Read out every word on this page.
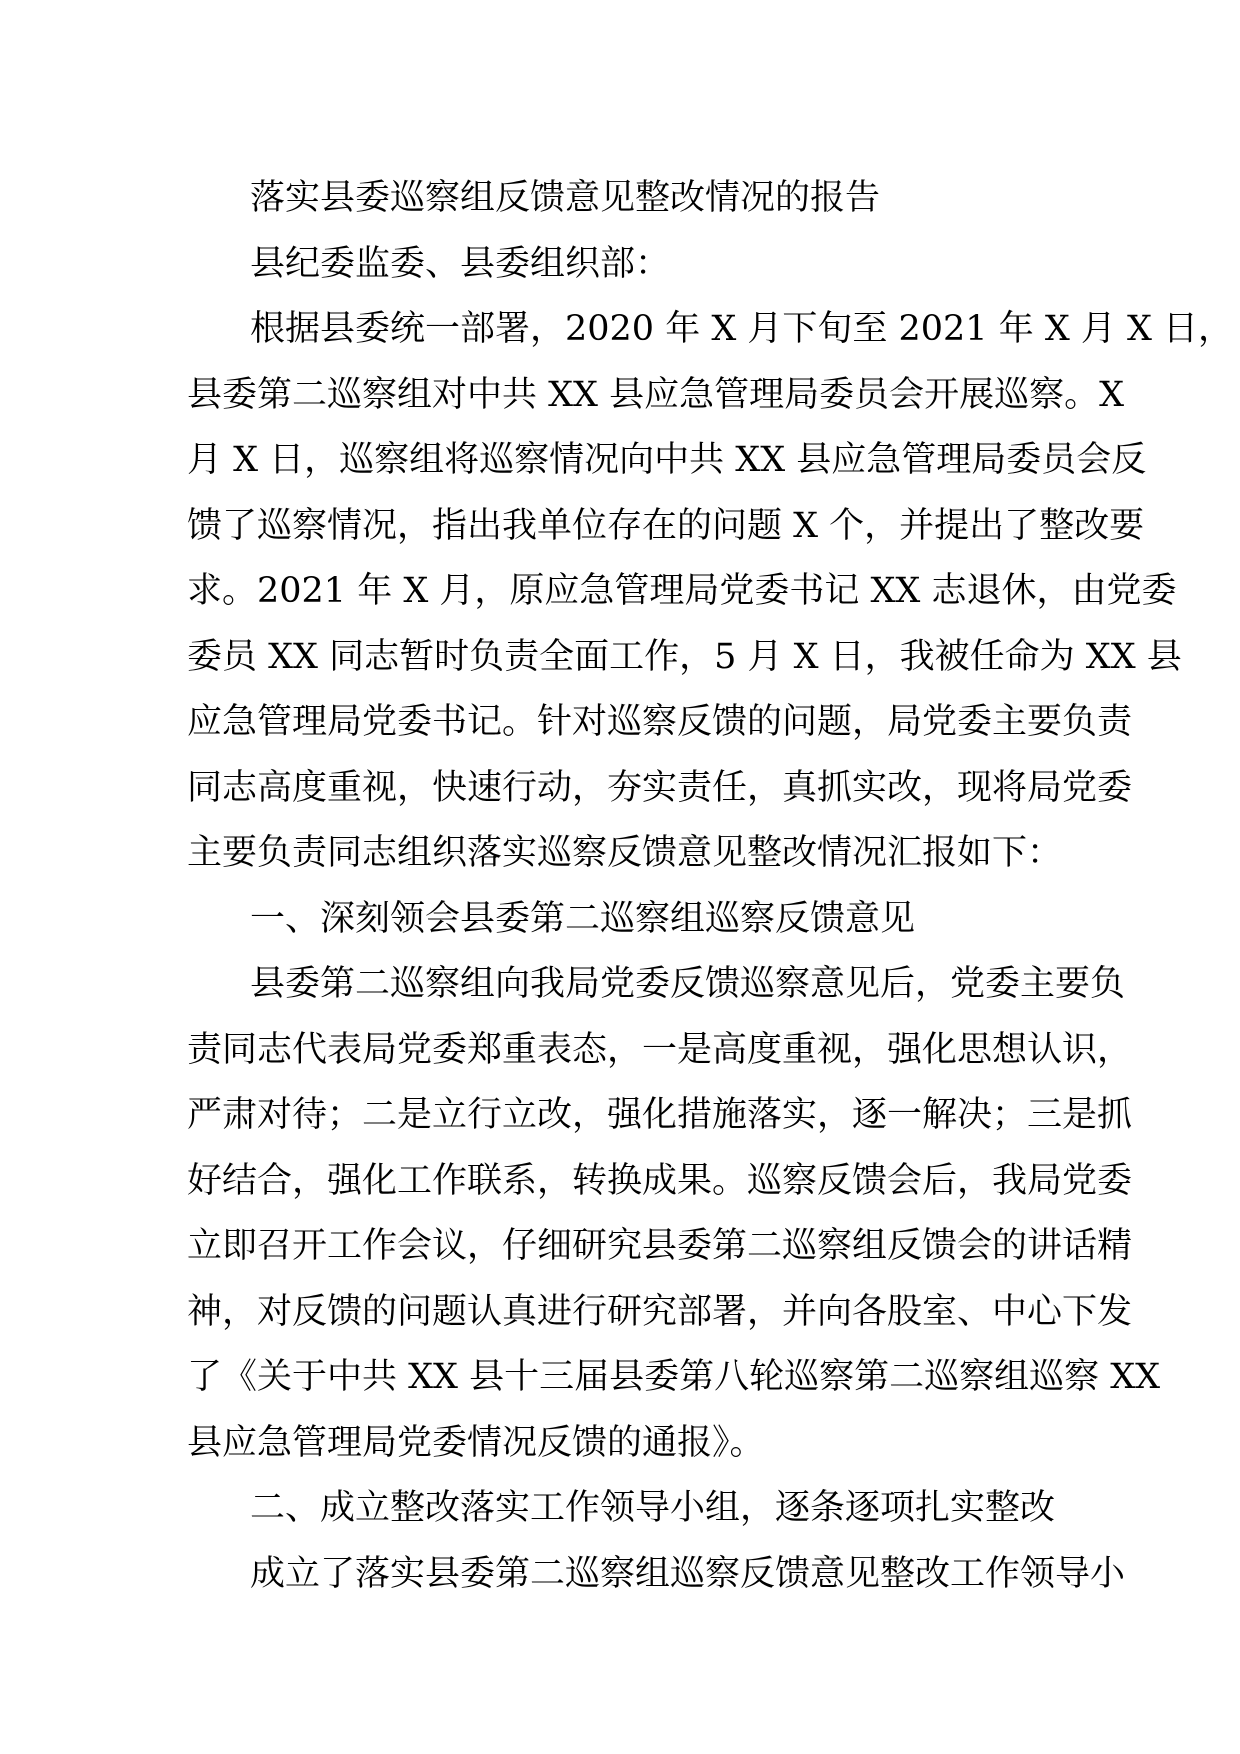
落实县委巡察组反馈意见整改情况的报告
县纪委监委、县委组织部：
根据县委统一部署，2020 年 X 月下旬至 2021 年 X 月 X 日，
县委第二巡察组对中共 XX 县应急管理局委员会开展巡察。X
月 X 日，巡察组将巡察情况向中共 XX 县应急管理局委员会反
馈了巡察情况，指出我单位存在的问题 X 个，并提出了整改要
求。2021 年 X 月，原应急管理局党委书记 XX 志退休，由党委
委员 XX 同志暂时负责全面工作，5 月 X 日，我被任命为 XX 县
应急管理局党委书记。针对巡察反馈的问题，局党委主要负责
同志高度重视，快速行动，夯实责任，真抓实改，现将局党委
主要负责同志组织落实巡察反馈意见整改情况汇报如下：
一、深刻领会县委第二巡察组巡察反馈意见
县委第二巡察组向我局党委反馈巡察意见后，党委主要负
责同志代表局党委郑重表态，一是高度重视，强化思想认识，
严肃对待；二是立行立改，强化措施落实，逐一解决；三是抓
好结合，强化工作联系，转换成果。巡察反馈会后，我局党委
立即召开工作会议，仔细研究县委第二巡察组反馈会的讲话精
神，对反馈的问题认真进行研究部署，并向各股室、中心下发
了《关于中共 XX 县十三届县委第八轮巡察第二巡察组巡察 XX
县应急管理局党委情况反馈的通报》。
二、成立整改落实工作领导小组，逐条逐项扎实整改
成立了落实县委第二巡察组巡察反馈意见整改工作领导小
